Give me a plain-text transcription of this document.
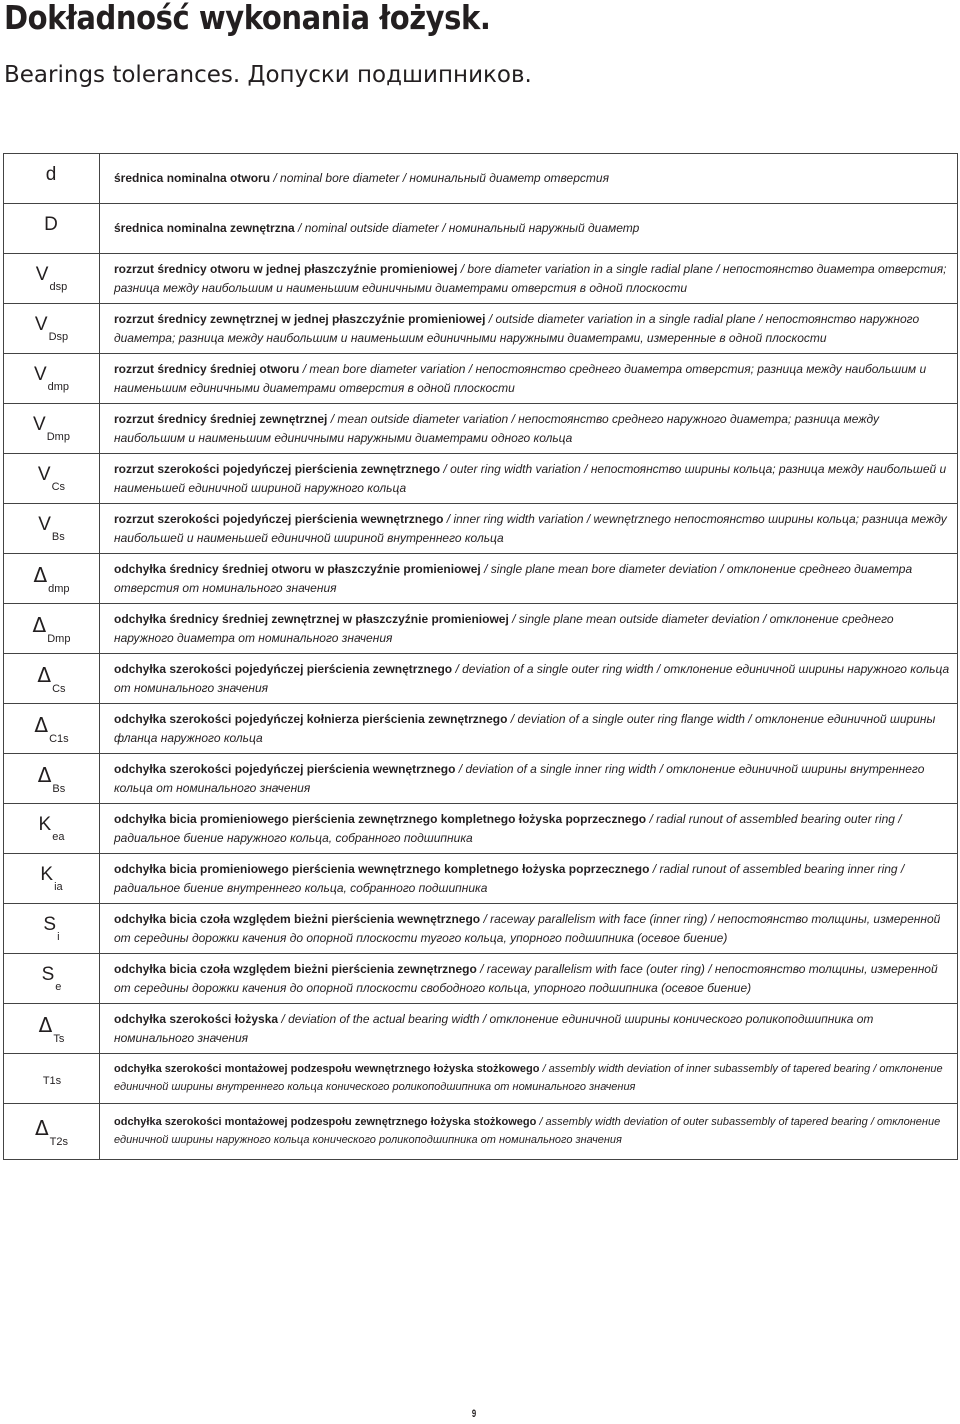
Dokładność wykonania łożysk.
Bearings tolerances. Допуски подшипников.
d	średnica nominalna otworu / nominal bore diameter / номинальный диаметр отверстия
D	średnica nominalna zewnętrzna / nominal outside diameter / номинальный наружный диаметр
$V_{dsp}$	rozrzut średnicy otworu w jednej płaszczyźnie promieniowej / bore diameter variation in a single radial plane / непостоянство диаметра отверстия; разница между наибольшим и наименьшим единичными диаметрами отверстия в одной плоскости
$V_{Dsp}$	rozrzut średnicy zewnętrznej w jednej płaszczyźnie promieniowej / outside diameter variation in a single radial plane / непостоянство наружного диаметра; разница между наибольшим и наименьшим единичными наружными диаметрами, измеренные в одной плоскости
$V_{dmp}$	rozrzut średnicy średniej otworu / mean bore diameter variation / непостоянство среднего диаметра отверстия; разница между наибольшим и наименьшим единичными диаметрами отверстия в одной плоскости
$V_{Dmp}$	rozrzut średnicy średniej zewnętrznej / mean outside diameter variation / непостоянство среднего наружного диаметра; разница между наибольшим и наименьшим единичными наружными диаметрами одного кольца
$V_{Cs}$	rozrzut szerokości pojedyńczej pierścienia zewnętrznego / outer ring width variation / непостоянство ширины кольца; разница между наибольшей и наименьшей единичной шириной наружного кольца
$V_{Bs}$	rozrzut szerokości pojedyńczej pierścienia wewnętrznego / inner ring width variation / wewnętrznego непостоянство ширины кольца; разница между наибольшей и наименьшей единичной шириной внутреннего кольца
$\Delta_{dmp}$	odchyłka średnicy średniej otworu w płaszczyźnie promieniowej / single plane mean bore diameter deviation / отклонение среднего диаметра отверстия от номинального значения
$\Delta_{Dmp}$	odchyłka średnicy średniej zewnętrznej w płaszczyźnie promieniowej / single plane mean outside diameter deviation / отклонение среднего наружного диаметра от номинального значения
$\Delta_{Cs}$	odchyłka szerokości pojedyńczej pierścienia zewnętrznego / deviation of a single outer ring width / отклонение единичной ширины наружного кольца от номинального значения
$\Delta_{C1s}$	odchyłka szerokości pojedyńczej kołnierza pierścienia zewnętrznego / deviation of a single outer ring flange width / отклонение единичной ширины фланца наружного кольца
$\Delta_{Bs}$	odchyłka szerokości pojedyńczej pierścienia wewnętrznego / deviation of a single inner ring width / отклонение единичной ширины внутреннего кольца от номинального значения
$K_{ea}$	odchyłka bicia promieniowego pierścienia zewnętrznego kompletnego łożyska poprzecznego / radial runout of assembled bearing outer ring / радиальное биение наружного кольца, собранного подшипника
$K_{ia}$	odchyłka bicia promieniowego pierścienia wewnętrznego kompletnego łożyska poprzecznego / radial runout of assembled bearing inner ring / радиальное биение внутреннего кольца, собранного подшипника
$S_i$	odchyłka bicia czoła względem bieżni pierścienia wewnętrznego / raceway parallelism with face (inner ring) / непостоянство толщины, измеренной от середины дорожки качения до опорной плоскости тугого кольца, упорного подшипника (осевое биение)
$S_e$	odchyłka bicia czoła względem bieżni pierścienia zewnętrznego / raceway parallelism with face (outer ring) / непостоянство толщины, измеренной от середины дорожки качения до опорной плоскости свободного кольца, упорного подшипника (осевое биение)
$\Delta_{Ts}$	odchyłka szerokości łożyska / deviation of the actual bearing width / отклонение единичной ширины конического роликоподшипника от номинального значения
T1s	odchyłka szerokości montażowej podzespołu wewnętrznego łożyska stożkowego / assembly width deviation of inner subassembly of tapered bearing / отклонение единичной ширины внутреннего кольца конического роликоподшипника от номинального значения
$\Delta_{T2s}$	odchyłka szerokości montażowej podzespołu zewnętrznego łożyska stożkowego / assembly width deviation of outer subassembly of tapered bearing / отклонение единичной ширины наружного кольца конического роликоподшипника от номинального значения
9
